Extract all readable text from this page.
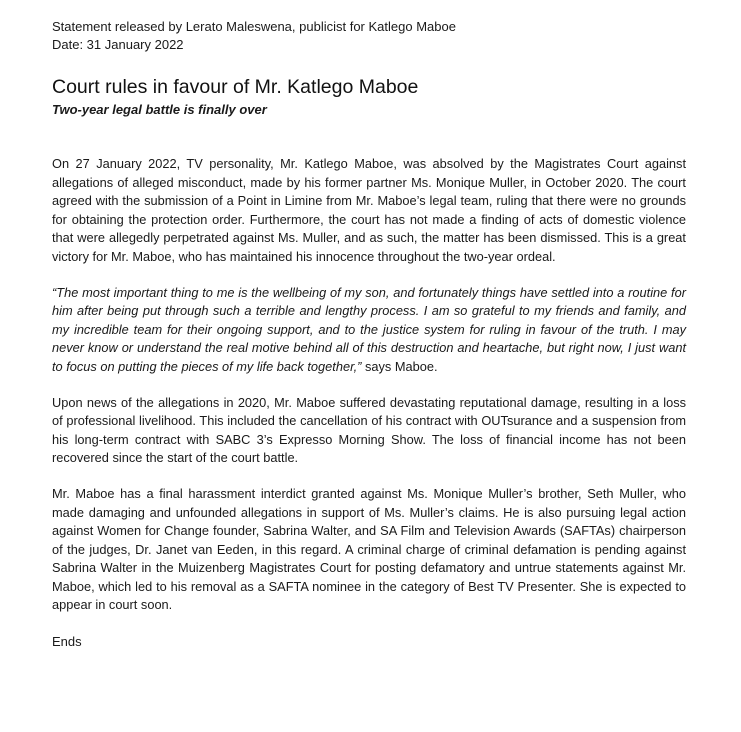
Statement released by Lerato Maleswena, publicist for Katlego Maboe

Date: 31 January 2022

Court rules in favour of Mr. Katlego Maboe

Two-year legal battle is finally over

On 27 January 2022, TV personality, Mr. Katlego Maboe, was absolved by the Magistrates Court against allegations of alleged misconduct, made by his former partner Ms. Monique Muller, in October 2020. The court agreed with the submission of a Point in Limine from Mr. Maboe’s legal team, ruling that there were no grounds for obtaining the protection order. Furthermore, the court has not made a finding of acts of domestic violence that were allegedly perpetrated against Ms. Muller, and as such, the matter has been dismissed. This is a great victory for Mr. Maboe, who has maintained his innocence throughout the two-year ordeal.

“The most important thing to me is the wellbeing of my son, and fortunately things have settled into a routine for him after being put through such a terrible and lengthy process. I am so grateful to my friends and family, and my incredible team for their ongoing support, and to the justice system for ruling in favour of the truth. I may never know or understand the real motive behind all of this destruction and heartache, but right now, I just want to focus on putting the pieces of my life back together,” says Maboe.

Upon news of the allegations in 2020, Mr. Maboe suffered devastating reputational damage, resulting in a loss of professional livelihood. This included the cancellation of his contract with OUTsurance and a suspension from his long-term contract with SABC 3’s Expresso Morning Show. The loss of financial income has not been recovered since the start of the court battle.

Mr. Maboe has a final harassment interdict granted against Ms. Monique Muller’s brother, Seth Muller, who made damaging and unfounded allegations in support of Ms. Muller’s claims. He is also pursuing legal action against Women for Change founder, Sabrina Walter, and SA Film and Television Awards (SAFTAs) chairperson of the judges, Dr. Janet van Eeden, in this regard. A criminal charge of criminal defamation is pending against Sabrina Walter in the Muizenberg Magistrates Court for posting defamatory and untrue statements against Mr. Maboe, which led to his removal as a SAFTA nominee in the category of Best TV Presenter. She is expected to appear in court soon.

Ends
